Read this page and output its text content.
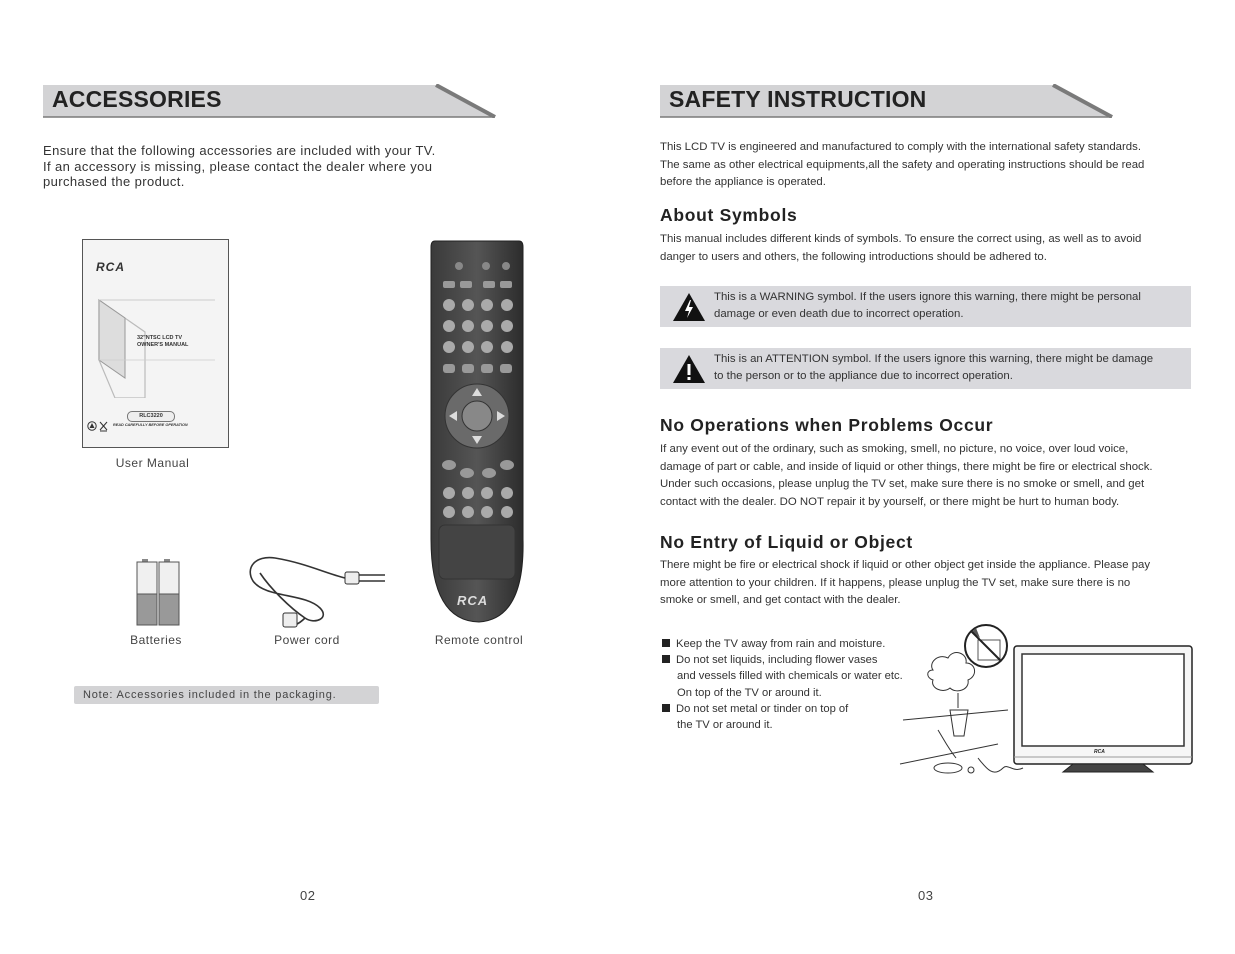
ACCESSORIES
Ensure that the following accessories are included with your TV.
If an accessory is missing, please contact the dealer where you
purchased the product.
RCA
32"NTSC LCD TV
OWNER'S MANUAL
RLC3220
READ CAREFULLY BEFORE OPERATION
User Manual
RCA
Remote control
Batteries	Power cord
Note: Accessories included in the packaging.
02
SAFETY INSTRUCTION
This LCD TV is engineered and manufactured to comply with the international safety standards.
The same as other electrical equipments,all the safety and operating instructions should be read
before the appliance is operated.
About Symbols
This manual includes different kinds of symbols. To ensure the correct using, as well as to avoid
danger to users and others, the following introductions should be adhered to.
This is a WARNING symbol. If the users ignore this warning, there might be personal
damage or even death due to incorrect operation.
This is an ATTENTION symbol. If the users ignore this warning, there might be damage
to the person or to the appliance due to incorrect operation.
No Operations when Problems Occur
If any event out of the ordinary, such as smoking, smell, no picture, no voice, over loud voice,
damage of part or cable, and inside of liquid or other things, there might be fire or electrical shock.
Under such occasions, please unplug the TV set, make sure there is no smoke or smell, and get
contact with the dealer. DO NOT repair it by yourself, or there might be hurt to human body.
No Entry of Liquid or Object
There might be fire or electrical shock if liquid or other object get inside the appliance. Please pay
more attention to your children. If it happens, please unplug the TV set, make sure there is no
smoke or smell, and get contact with the dealer.
Keep the TV away from rain and moisture.
Do not set liquids, including flower vases
and vessels filled with chemicals or water etc.
On top of the TV or around it.
Do not set metal or tinder on top of
the TV or around it.
RCA
03
